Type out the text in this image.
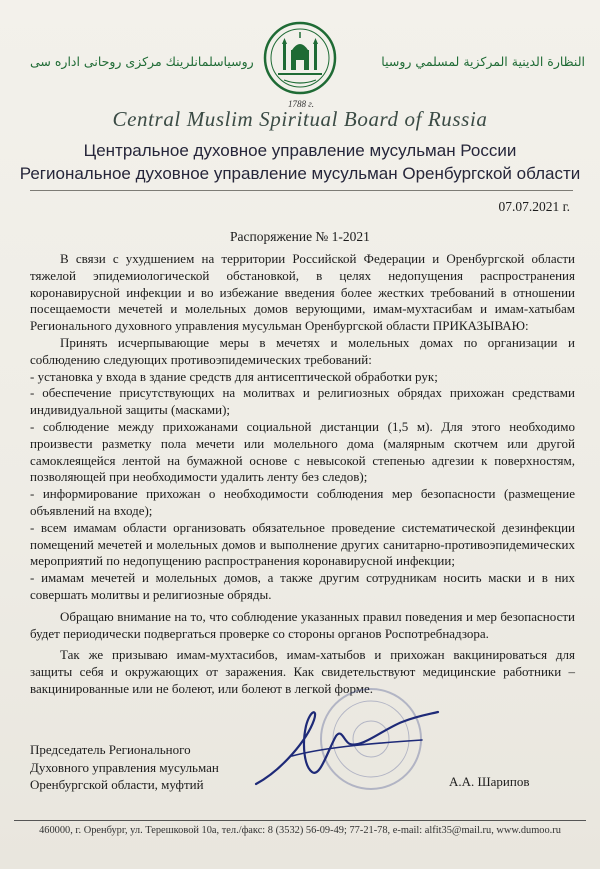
روسیاسلمانلرینك مركزی روحانی اداره سی	النظارة الدينية المركزية لمسلمي روسيا
1788 г.
Central Muslim Spiritual Board of Russia
Центральное духовное управление мусульман России
Региональное духовное управление мусульман Оренбургской области
07.07.2021 г.
Распоряжение № 1-2021

В связи с ухудшением на территории Российской Федерации и Оренбургской области тяжелой эпидемиологической обстановкой, в целях недопущения распространения коронавирусной инфекции и во избежание введения более жестких требований в отношении посещаемости мечетей и молельных домов верующими, имам-мухтасибам и имам-хатыбам Регионального духовного управления мусульман Оренбургской области ПРИКАЗЫВАЮ:

Принять исчерпывающие меры в мечетях и молельных домах по организации и соблюдению следующих противоэпидемических требований:

- установка у входа в здание средств для антисептической обработки рук;

- обеспечение присутствующих на молитвах и религиозных обрядах прихожан средствами индивидуальной защиты (масками);

- соблюдение между прихожанами социальной дистанции (1,5 м). Для этого необходимо произвести разметку пола мечети или молельного дома (малярным скотчем или другой самоклеящейся лентой на бумажной основе с невысокой степенью адгезии к поверхностям, позволяющей при необходимости удалить ленту без следов);

- информирование прихожан о необходимости соблюдения мер безопасности (размещение объявлений на входе);

- всем имамам области организовать обязательное проведение систематической дезинфекции помещений мечетей и молельных домов и выполнение других санитарно-противоэпидемических мероприятий по недопущению распространения коронавирусной инфекции;

- имамам мечетей и молельных домов, а также другим сотрудникам носить маски и в них совершать молитвы и религиозные обряды.

Обращаю внимание на то, что соблюдение указанных правил поведения и мер безопасности будет периодически подвергаться проверке со стороны органов Роспотребнадзора.

Так же призываю имам-мухтасибов, имам-хатыбов и прихожан вакцинироваться для защиты себя и окружающих от заражения. Как свидетельствуют медицинские работники – вакцинированные или не болеют, или болеют в легкой форме.

Председатель Регионального
Духовного управления мусульман
Оренбургской области, муфтий	А.А. Шарипов
460000, г. Оренбург, ул. Терешковой 10а, тел./факс: 8 (3532) 56-09-49; 77-21-78, e-mail: alfit35@mail.ru, www.dumoo.ru
